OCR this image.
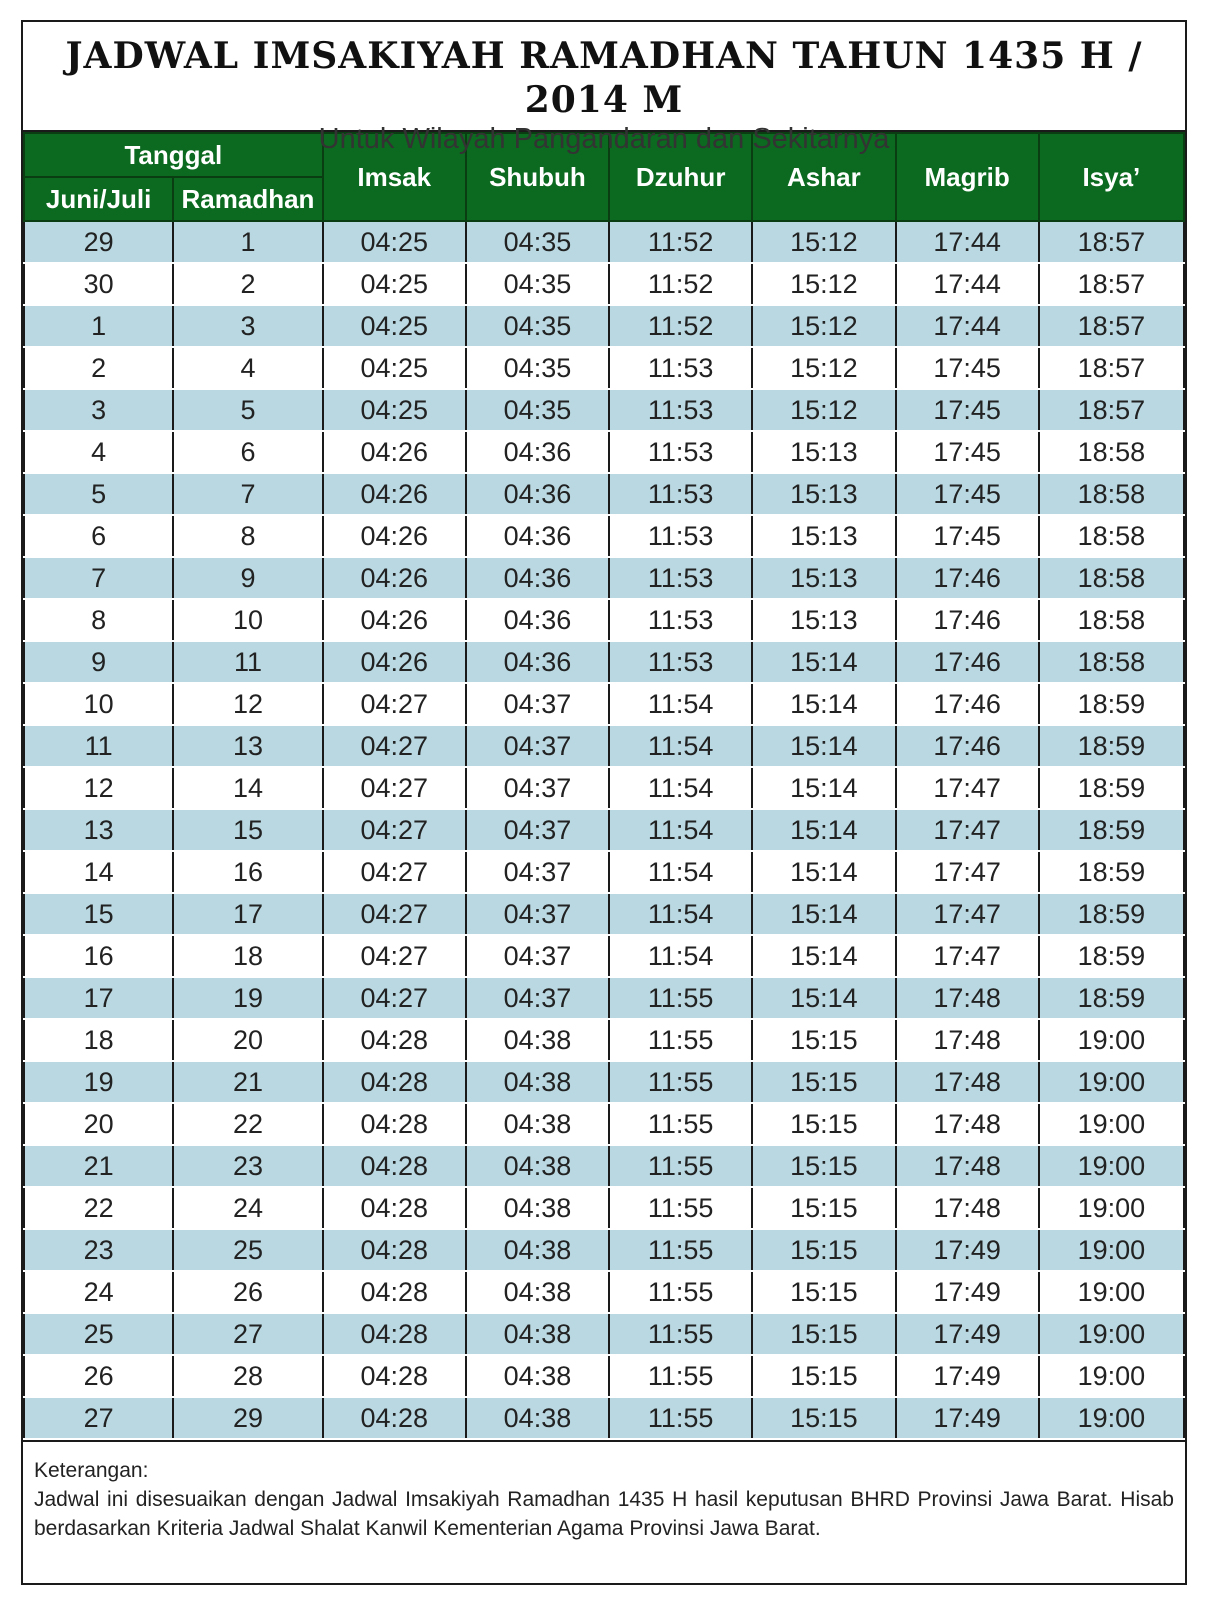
JADWAL IMSAKIYAH RAMADHAN TAHUN 1435 H / 2014 M
Untuk Wilayah Pangandaran dan Sekitarnya
Tanggal		Imsak	Shubuh	Dzuhur	Ashar	Magrib	Isya’
Juni/Juli	Ramadhan						
29	1	04:25	04:35	11:52	15:12	17:44	18:57
30	2	04:25	04:35	11:52	15:12	17:44	18:57
1	3	04:25	04:35	11:52	15:12	17:44	18:57
2	4	04:25	04:35	11:53	15:12	17:45	18:57
3	5	04:25	04:35	11:53	15:12	17:45	18:57
4	6	04:26	04:36	11:53	15:13	17:45	18:58
5	7	04:26	04:36	11:53	15:13	17:45	18:58
6	8	04:26	04:36	11:53	15:13	17:45	18:58
7	9	04:26	04:36	11:53	15:13	17:46	18:58
8	10	04:26	04:36	11:53	15:13	17:46	18:58
9	11	04:26	04:36	11:53	15:14	17:46	18:58
10	12	04:27	04:37	11:54	15:14	17:46	18:59
11	13	04:27	04:37	11:54	15:14	17:46	18:59
12	14	04:27	04:37	11:54	15:14	17:47	18:59
13	15	04:27	04:37	11:54	15:14	17:47	18:59
14	16	04:27	04:37	11:54	15:14	17:47	18:59
15	17	04:27	04:37	11:54	15:14	17:47	18:59
16	18	04:27	04:37	11:54	15:14	17:47	18:59
17	19	04:27	04:37	11:55	15:14	17:48	18:59
18	20	04:28	04:38	11:55	15:15	17:48	19:00
19	21	04:28	04:38	11:55	15:15	17:48	19:00
20	22	04:28	04:38	11:55	15:15	17:48	19:00
21	23	04:28	04:38	11:55	15:15	17:48	19:00
22	24	04:28	04:38	11:55	15:15	17:48	19:00
23	25	04:28	04:38	11:55	15:15	17:49	19:00
24	26	04:28	04:38	11:55	15:15	17:49	19:00
25	27	04:28	04:38	11:55	15:15	17:49	19:00
26	28	04:28	04:38	11:55	15:15	17:49	19:00
27	29	04:28	04:38	11:55	15:15	17:49	19:00
Keterangan:
Jadwal ini disesuaikan dengan Jadwal Imsakiyah Ramadhan 1435 H hasil keputusan BHRD Provinsi Jawa Barat. Hisab berdasarkan Kriteria Jadwal Shalat Kanwil Kementerian Agama Provinsi Jawa Barat.
